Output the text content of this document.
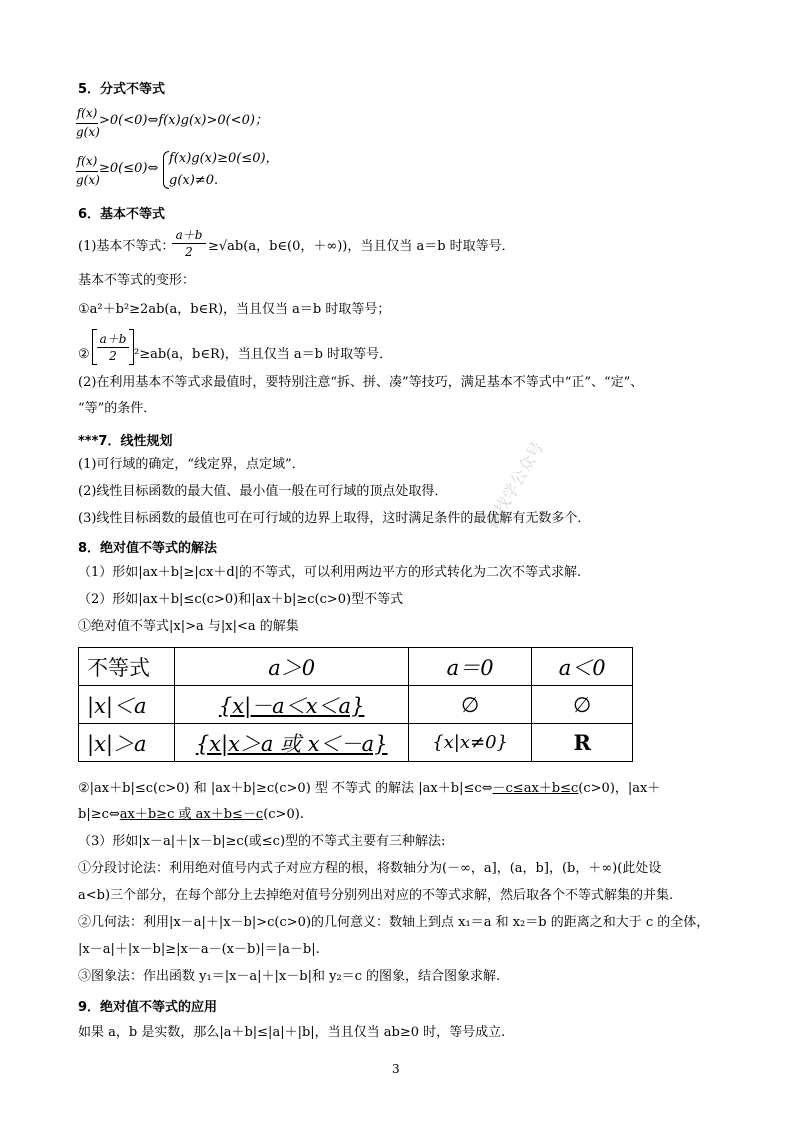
翻找学公众号
5．分式不等式
f(x)
g(x)
>0(<0)⇔f(x)g(x)>0(<0)；
f(x)
g(x)
≥0(≤0)⇔
f(x)g(x)≥0(≤0)，
g(x)≠0.
6．基本不等式
(1)基本不等式：
a＋b
2	≥√ab(a，b∈(0，＋∞))，当且仅当 a＝b 时取等号．
基本不等式的变形：
①a²＋b²≥2ab(a，b∈R)，当且仅当 a＝b 时取等号；
②
a＋b
2	²≥ab(a，b∈R)，当且仅当 a＝b 时取等号．
(2)在利用基本不等式求最值时，要特别注意“拆、拼、凑”等技巧，满足基本不等式中“正”、“定”、
“等”的条件．
***7．线性规划
(1)可行域的确定，“线定界，点定域”．
(2)线性目标函数的最大值、最小值一般在可行域的顶点处取得．
(3)线性目标函数的最值也可在可行域的边界上取得，这时满足条件的最优解有无数多个．
8．绝对值不等式的解法
（1）形如|ax＋b|≥|cx＋d|的不等式，可以利用两边平方的形式转化为二次不等式求解.
（2）形如|ax＋b|≤c(c>0)和|ax＋b|≥c(c>0)型不等式
①绝对值不等式|x|>a 与|x|<a 的解集
不等式	a＞0	a＝0	a＜0
|x|＜a	{x|－a＜x＜a}	∅	∅
|x|＞a	{x|x＞a 或 x＜－a}	{x|x≠0}	R
②|ax＋b|≤c(c>0) 和 |ax＋b|≥c(c>0) 型 不等式 的解法 |ax＋b|≤c⇔－c≤ax＋b≤c(c>0)，|ax＋
b|≥c⇔ax＋b≥c 或 ax＋b≤－c(c>0).
（3）形如|x－a|＋|x－b|≥c(或≤c)型的不等式主要有三种解法:
①分段讨论法：利用绝对值号内式子对应方程的根，将数轴分为(－∞，a]，(a，b]，(b，＋∞)(此处设
a<b)三个部分，在每个部分上去掉绝对值号分别列出对应的不等式求解，然后取各个不等式解集的并集.
②几何法：利用|x－a|＋|x－b|>c(c>0)的几何意义：数轴上到点 x₁＝a 和 x₂＝b 的距离之和大于 c 的全体，
|x－a|＋|x－b|≥|x－a－(x－b)|＝|a－b|.
③图象法：作出函数 y₁＝|x－a|＋|x－b|和 y₂＝c 的图象，结合图象求解.
9．绝对值不等式的应用
如果 a，b 是实数，那么|a＋b|≤|a|＋|b|，当且仅当 ab≥0 时，等号成立.
3
